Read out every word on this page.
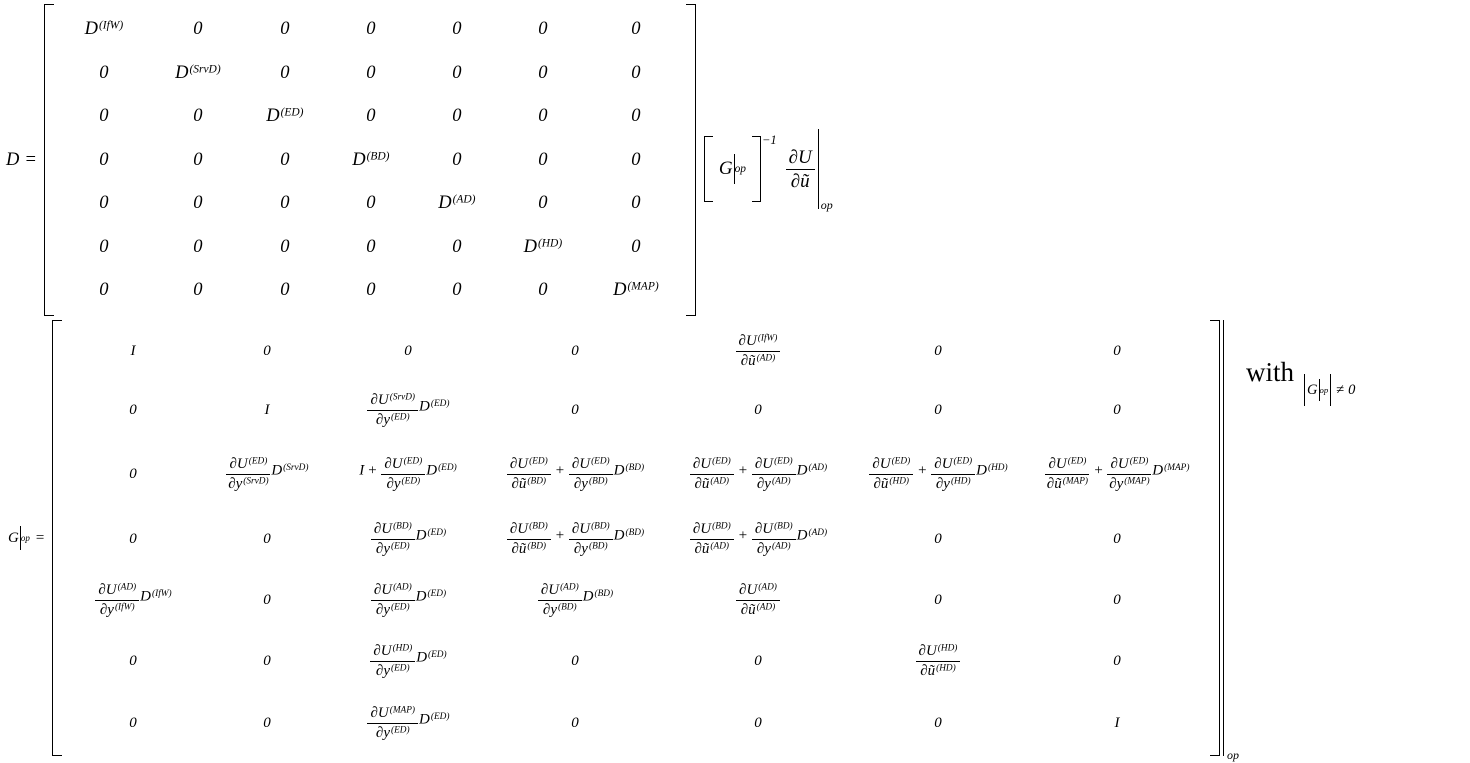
D =
D(IfW)	0	0	0	0	0	0
0	D(SrvD)	0	0	0	0	0
0	0	D(ED)	0	0	0	0
0	0	0	D(BD)	0	0	0
0	0	0	0	D(AD)	0	0
0	0	0	0	0	D(HD)	0
0	0	0	0	0	0	D(MAP)
G op
−1
$\frac{\partial U}{\partial ũ}$
op
G op =
I	0	0	0	$\frac{\text{∂U(IfW)}}{\partial ũ(AD)}$	0	0
0	I	$\frac{\text{∂U(SrvD)}}{\partial y(ED)} D(ED)$	0	0	0	0
0	$\frac{\partial U(ED)}{\text{∂y(SrvD)}}$ D(SrvD)	$I + \frac{\partial U(ED)}{\partial y(ED)} D(ED)$	$\frac{\partial U(ED)}{\partial ũ(BD)} + \frac{\partial U(ED)}{\partial y(BD)} D(BD)$	$\frac{\partial U(ED)}{\partial ũ(AD)} + \frac{\partial U(ED)}{\partial y(AD)} D(AD)$	$\frac{\partial U(ED)}{\partial ũ(HD)} + \frac{\partial U(ED)}{\partial y(HD)} D(HD)$	$\frac{\partial U(ED)}{\text{∂ũ(MAP)}} + \frac{\partial U(ED)}{\text{∂y(MAP)}} D(MAP)$
0	0	$\frac{\partial U(BD)}{\partial y(ED)} D(ED)$	$\frac{\partial U(BD)}{\partial ũ(BD)} + \frac{\partial U(BD)}{\partial y(BD)} D(BD)$	$\frac{\partial U(BD)}{\partial ũ(AD)} + \frac{\partial U(BD)}{\partial y(AD)} D(AD)$	0	0
$\frac{\partial U(AD)}{\text{∂y(IfW)}} D(IfW)$	0	$\frac{\partial U(AD)}{\partial y(ED)} D(ED)$	$\frac{\partial U(AD)}{\partial y(BD)} D(BD)$	$\frac{\partial U(AD)}{\partial ũ(AD)}$	0	0
0	0	$\frac{\partial U(HD)}{\partial y(ED)} D(ED)$	0	0	$\frac{\partial U(HD)}{\partial ũ(HD)}$	0
0	0	$\frac{\text{∂U(MAP)}}{\partial y(ED)} D(ED)$	0	0	0	I
op
with
G op ≠ 0
